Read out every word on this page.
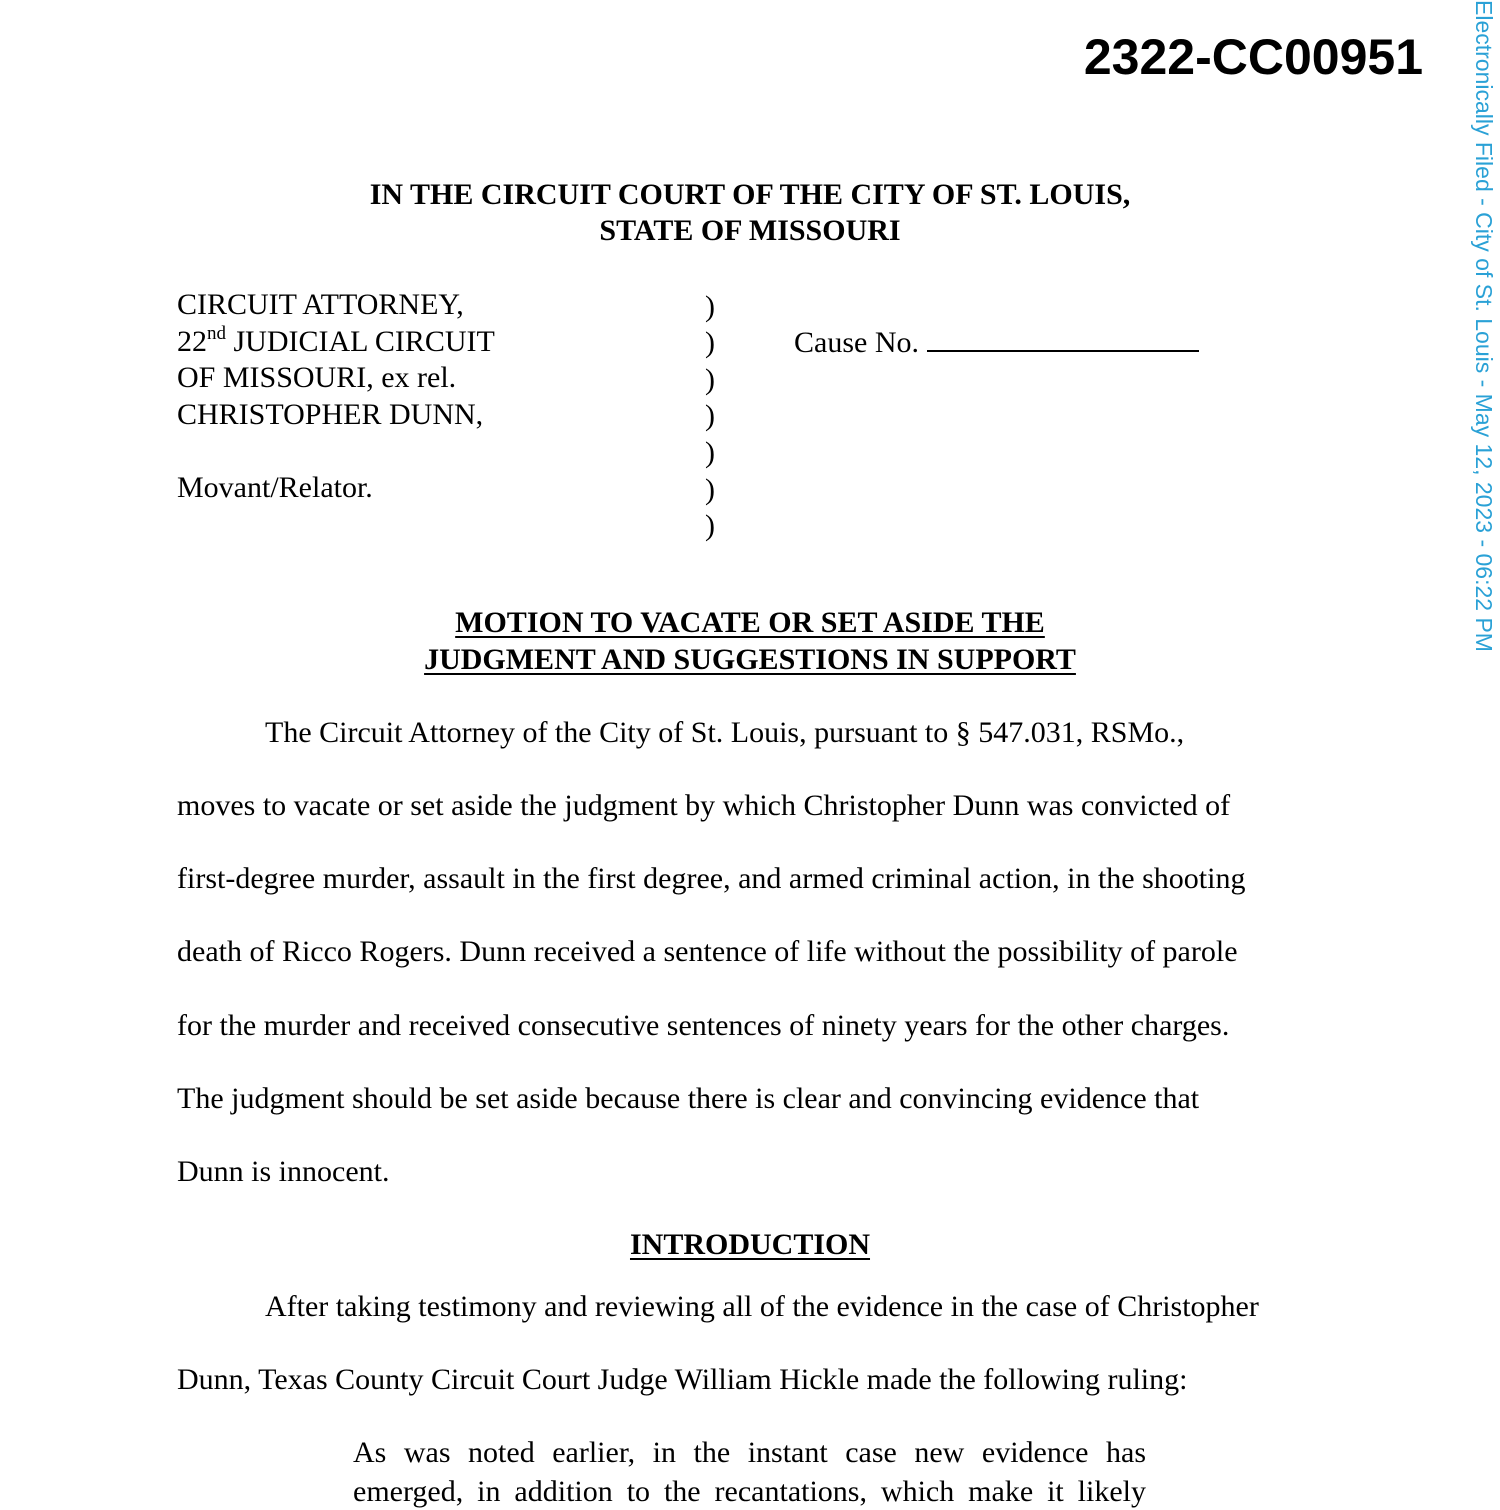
2322-CC00951 Electronically Filed - City of St. Louis - May 12, 2023 - 06:22 PM
IN THE CIRCUIT COURT OF THE CITY OF ST. LOUIS,
STATE OF MISSOURI
CIRCUIT ATTORNEY,
22nd JUDICIAL CIRCUIT
OF MISSOURI, ex rel.
CHRISTOPHER DUNN,
Movant/Relator.
)
)
)
)
)
)
)
Cause No.
MOTION TO VACATE OR SET ASIDE THE
JUDGMENT AND SUGGESTIONS IN SUPPORT
The Circuit Attorney of the City of St. Louis, pursuant to § 547.031, RSMo.,
moves to vacate or set aside the judgment by which Christopher Dunn was convicted of
first-degree murder, assault in the first degree, and armed criminal action, in the shooting
death of Ricco Rogers. Dunn received a sentence of life without the possibility of parole
for the murder and received consecutive sentences of ninety years for the other charges.
The judgment should be set aside because there is clear and convincing evidence that
Dunn is innocent.
INTRODUCTION
After taking testimony and reviewing all of the evidence in the case of Christopher
Dunn, Texas County Circuit Court Judge William Hickle made the following ruling:
As was noted earlier, in the instant case new evidence has
emerged, in addition to the recantations, which make it likely
